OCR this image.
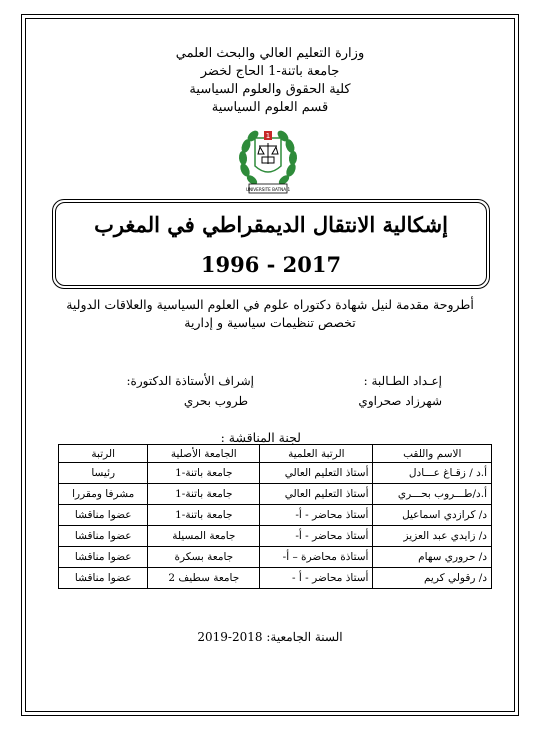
وزارة التعليم العالي والبحث العلمي
جامعة باتنة-1 الحاج لخضر
كلية الحقوق والعلوم السياسية
قسم العلوم السياسية
1
UNIVERSITE BATNA 1
إشكالية الانتقال الديمقراطي في المغرب
1996 - 2017
أطروحة مقدمة لنيل شهادة دكتوراه علوم في العلوم السياسية والعلاقات الدولية
تخصص تنظيمات سياسية و إدارية
إعـداد الطـالبة :
شهرزاد صحراوي
إشراف الأستاذة الدكتورة:
طروب بحري
لجنة المناقشة :
الاسم واللقب	الرتبة العلمية	الجامعة الأصلية	الرتبة
أ.د / زقـاغ عـــادل	أستاذ التعليم العالي	جامعة باتنة-1	رئيسا
أ.د/طـــروب بحـــري	أستاذ التعليم العالي	جامعة باتنة-1	مشرفا ومقررا
د/ كرازدي اسماعيل	أستاذ محاضر - أ-	جامعة باتنة-1	عضوا مناقشا
د/ زايدي عبد العزيز	أستاذ محاضر - أ-	جامعة المسيلة	عضوا مناقشا
د/ حروري سهام	أستاذة محاضرة – أ-	جامعة بسكرة	عضوا مناقشا
د/ رقولي كريم	أستاذ محاضر - أ -	جامعة سطيف 2	عضوا مناقشا
السنة الجامعية: 2018-2019
